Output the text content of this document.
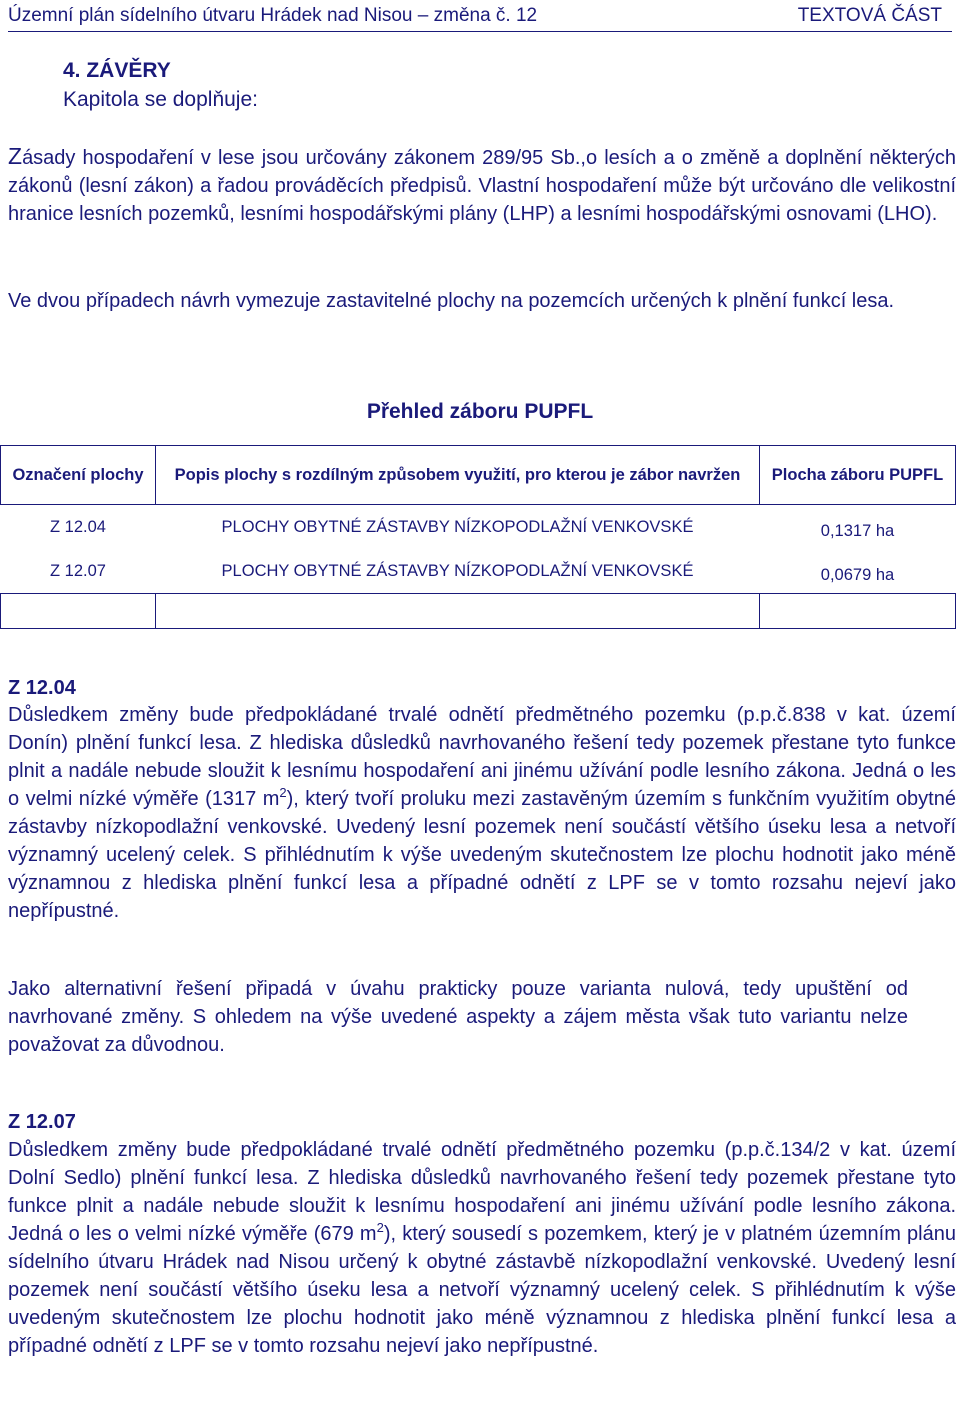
Územní plán sídelního útvaru Hrádek nad Nisou – změna č. 12	TEXTOVÁ ČÁST
4. ZÁVĚRY
Kapitola se doplňuje:

Zásady hospodaření v lese jsou určovány zákonem 289/95 Sb.,o lesích a o změně a doplnění některých zákonů (lesní zákon) a řadou prováděcích předpisů. Vlastní hospodaření může být určováno dle velikostní hranice lesních pozemků, lesními hospodářskými plány (LHP) a lesními hospodářskými osnovami (LHO).

Ve dvou případech návrh vymezuje zastavitelné plochy na pozemcích určených k plnění funkcí lesa.

Přehled záboru PUPFL
Označení plochy	Popis plochy s rozdílným způsobem využití, pro kterou je zábor navržen	Plocha záboru PUPFL
Z 12.04	PLOCHY OBYTNÉ ZÁSTAVBY NÍZKOPODLAŽNÍ VENKOVSKÉ	0,1317 ha
Z 12.07	PLOCHY OBYTNÉ ZÁSTAVBY NÍZKOPODLAŽNÍ VENKOVSKÉ	0,0679 ha

Z 12.04

Důsledkem změny bude předpokládané trvalé odnětí předmětného pozemku (p.p.č.838 v kat. území Donín) plnění funkcí lesa. Z hlediska důsledků navrhovaného řešení tedy pozemek přestane tyto funkce plnit a nadále nebude sloužit k lesnímu hospodaření ani jinému užívání podle lesního zákona. Jedná o les o velmi nízké výměře (1317 $m^2$), který tvoří proluku mezi zastavěným územím s funkčním využitím obytné zástavby nízkopodlažní venkovské. Uvedený lesní pozemek není součástí většího úseku lesa a netvoří významný ucelený celek. S přihlédnutím k výše uvedeným skutečnostem lze plochu hodnotit jako méně významnou z hlediska plnění funkcí lesa a případné odnětí z LPF se v tomto rozsahu nejeví jako nepřípustné.

Jako alternativní řešení připadá v úvahu prakticky pouze varianta nulová, tedy upuštění od navrhované změny. S ohledem na výše uvedené aspekty a zájem města však tuto variantu nelze považovat za důvodnou.

Z 12.07

Důsledkem změny bude předpokládané trvalé odnětí předmětného pozemku (p.p.č.134/2 v kat. území Dolní Sedlo) plnění funkcí lesa. Z hlediska důsledků navrhovaného řešení tedy pozemek přestane tyto funkce plnit a nadále nebude sloužit k lesnímu hospodaření ani jinému užívání podle lesního zákona. Jedná o les o velmi nízké výměře (679 $m^2$), který sousedí s pozemkem, který je v platném územním plánu sídelního útvaru Hrádek nad Nisou určený k obytné zástavbě nízkopodlažní venkovské. Uvedený lesní pozemek není součástí většího úseku lesa a netvoří významný ucelený celek. S přihlédnutím k výše uvedeným skutečnostem lze plochu hodnotit jako méně významnou z hlediska plnění funkcí lesa a případné odnětí z LPF se v tomto rozsahu nejeví jako nepřípustné.
